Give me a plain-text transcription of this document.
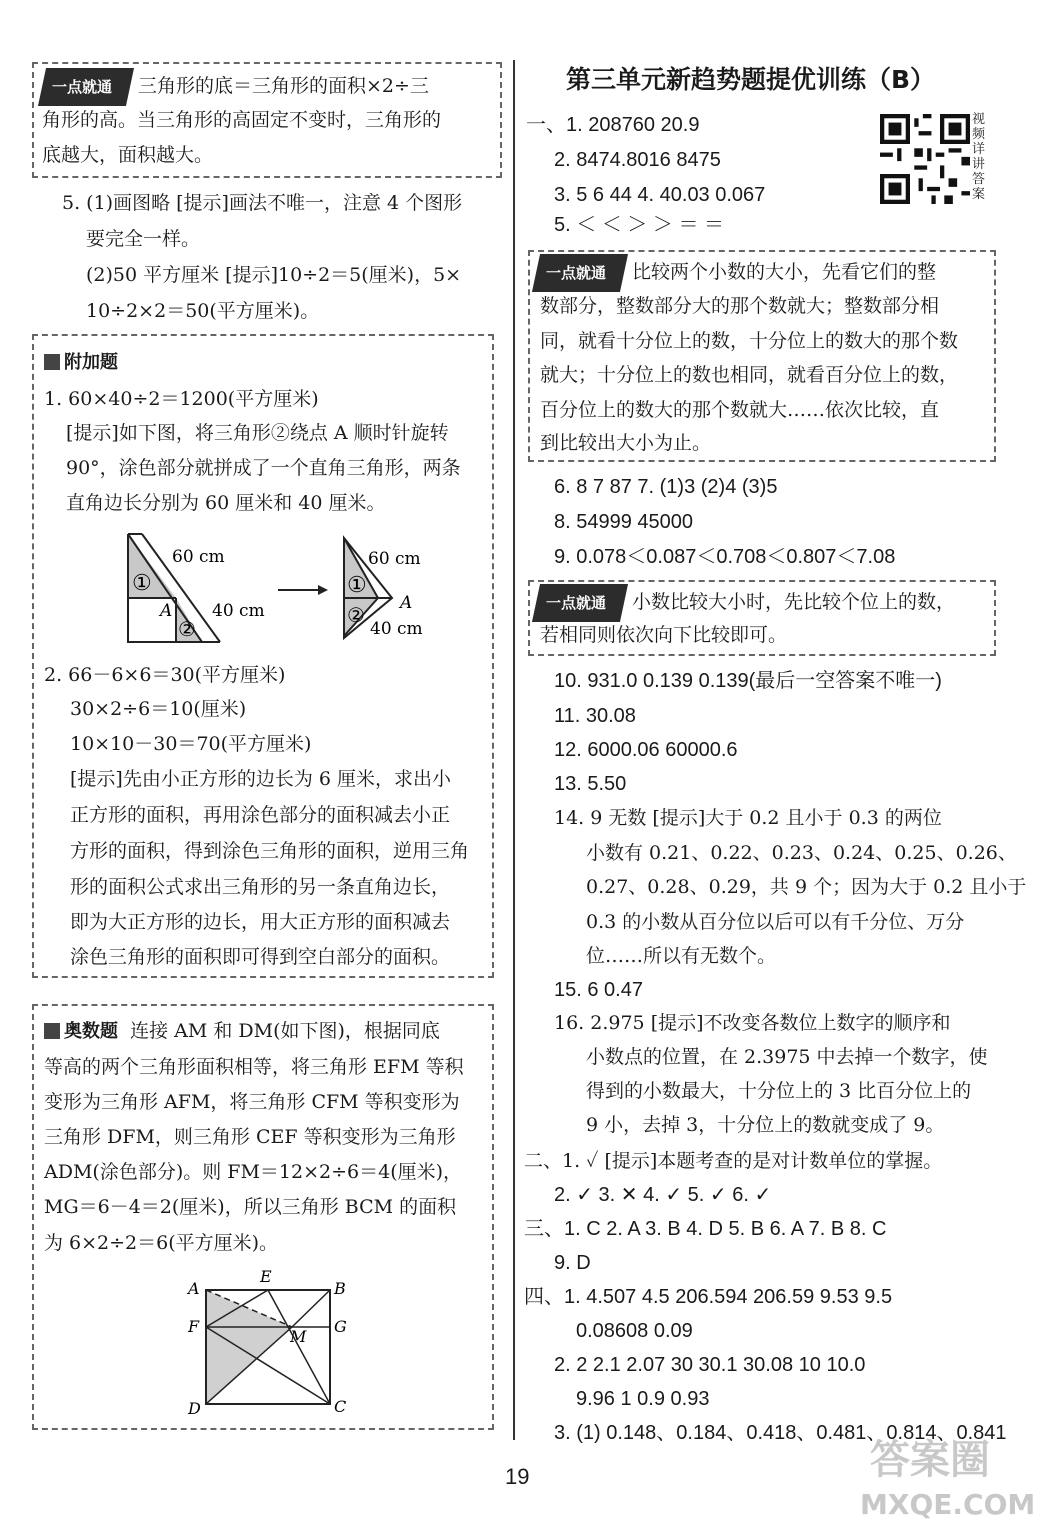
一点就通 三角形的底＝三角形的面积×2÷三
角形的高。当三角形的高固定不变时，三角形的
底越大，面积越大。
5. (1)画图略 [提示]画法不唯一，注意 4 个图形
要完全一样。
(2)50 平方厘米 [提示]10÷2＝5(厘米)，5×
10÷2×2＝50(平方厘米)。
附加题
1. 60×40÷2＝1200(平方厘米)
[提示]如下图，将三角形②绕点 A 顺时针旋转
90°，涂色部分就拼成了一个直角三角形，两条
直角边长分别为 60 厘米和 40 厘米。
①
A
②
60 cm
40 cm
①
②
60 cm
A
40 cm
2. 66－6×6＝30(平方厘米)
30×2÷6＝10(厘米)
10×10－30＝70(平方厘米)
[提示]先由小正方形的边长为 6 厘米，求出小
正方形的面积，再用涂色部分的面积减去小正
方形的面积，得到涂色三角形的面积，逆用三角
形的面积公式求出三角形的另一条直角边长，
即为大正方形的边长，用大正方形的面积减去
涂色三角形的面积即可得到空白部分的面积。
奥数题 连接 AM 和 DM(如下图)，根据同底
等高的两个三角形面积相等，将三角形 EFM 等积
变形为三角形 AFM，将三角形 CFM 等积变形为
三角形 DFM，则三角形 CEF 等积变形为三角形
ADM(涂色部分)。则 FM＝12×2÷6＝4(厘米)，
MG＝6－4＝2(厘米)，所以三角形 BCM 的面积
为 6×2÷2＝6(平方厘米)。
A
E
B
F
M
G
D	C
第三单元新趋势题提优训练（B）
视频详讲答案
一、1. 208760 20.9
2. 8474.8016 8475
3. 5 6 44 4. 40.03 0.067
5. ＜ ＜ ＞ ＞ ＝ ＝
一点就通 比较两个小数的大小，先看它们的整
数部分，整数部分大的那个数就大；整数部分相
同，就看十分位上的数，十分位上的数大的那个数
就大；十分位上的数也相同，就看百分位上的数，
百分位上的数大的那个数就大……依次比较，直
到比较出大小为止。
6. 8 7 87 7. (1)3 (2)4 (3)5
8. 54999 45000
9. 0.078＜0.087＜0.708＜0.807＜7.08
一点就通 小数比较大小时，先比较个位上的数，
若相同则依次向下比较即可。
10. 931.0 0.139 0.139(最后一空答案不唯一)
11. 30.08
12. 6000.06 60000.6
13. 5.50
14. 9 无数 [提示]大于 0.2 且小于 0.3 的两位
小数有 0.21、0.22、0.23、0.24、0.25、0.26、
0.27、0.28、0.29，共 9 个；因为大于 0.2 且小于
0.3 的小数从百分位以后可以有千分位、万分
位……所以有无数个。
15. 6 0.47
16. 2.975 [提示]不改变各数位上数字的顺序和
小数点的位置，在 2.3975 中去掉一个数字，使
得到的小数最大，十分位上的 3 比百分位上的
9 小，去掉 3，十分位上的数就变成了 9。
二、1. ✓ [提示]本题考查的是对计数单位的掌握。
2. ✓ 3. ✕ 4. ✓ 5. ✓ 6. ✓
三、1. C 2. A 3. B 4. D 5. B 6. A 7. B 8. C
9. D
四、1. 4.507 4.5 206.594 206.59 9.53 9.5
0.08608 0.09
2. 2 2.1 2.07 30 30.1 30.08 10 10.0
9.96 1 0.9 0.93
3. (1) 0.148、0.184、0.418、0.481、0.814、0.841
19	答案圈
MXQE.COM
